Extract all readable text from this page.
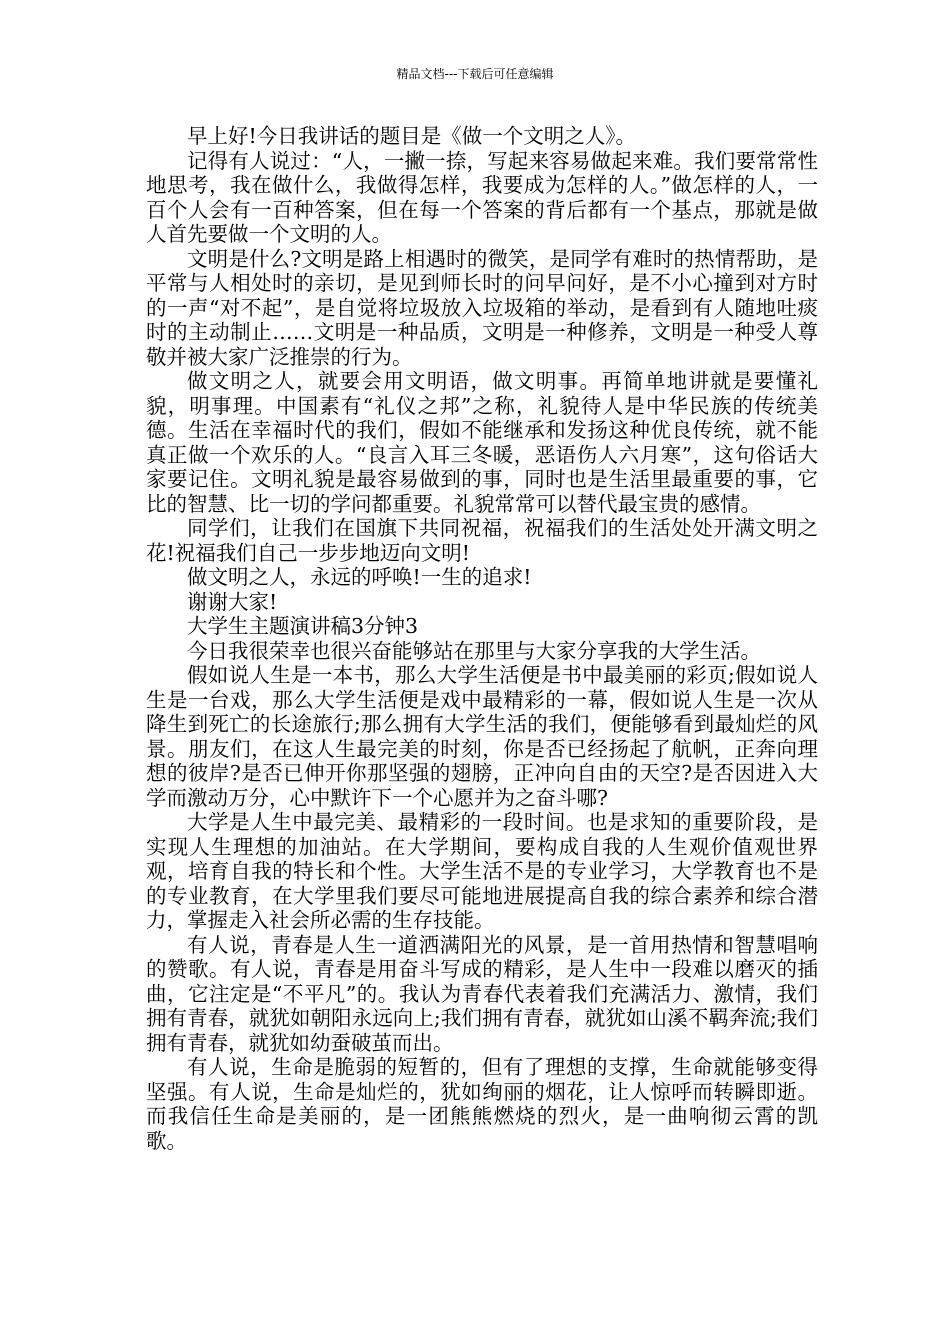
精品文档---下载后可任意编辑

早上好!今日我讲话的题目是《做一个文明之人》。

记得有人说过：“人，一撇一捺，写起来容易做起来难。我们要常常性地思考，我在做什么，我做得怎样，我要成为怎样的人。”做怎样的人，一百个人会有一百种答案，但在每一个答案的背后都有一个基点，那就是做人首先要做一个文明的人。

文明是什么?文明是路上相遇时的微笑，是同学有难时的热情帮助，是平常与人相处时的亲切，是见到师长时的问早问好，是不小心撞到对方时的一声“对不起”，是自觉将垃圾放入垃圾箱的举动，是看到有人随地吐痰时的主动制止……文明是一种品质，文明是一种修养，文明是一种受人尊敬并被大家广泛推崇的行为。

做文明之人，就要会用文明语，做文明事。再简单地讲就是要懂礼貌，明事理。中国素有“礼仪之邦”之称，礼貌待人是中华民族的传统美德。生活在幸福时代的我们，假如不能继承和发扬这种优良传统，就不能真正做一个欢乐的人。“良言入耳三冬暖，恶语伤人六月寒”，这句俗话大家要记住。文明礼貌是最容易做到的事，同时也是生活里最重要的事，它比的智慧、比一切的学问都重要。礼貌常常可以替代最宝贵的感情。

同学们，让我们在国旗下共同祝福，祝福我们的生活处处开满文明之花!祝福我们自己一步步地迈向文明!

做文明之人，永远的呼唤!一生的追求!

谢谢大家!

大学生主题演讲稿3分钟3

今日我很荣幸也很兴奋能够站在那里与大家分享我的大学生活。

假如说人生是一本书，那么大学生活便是书中最美丽的彩页;假如说人生是一台戏，那么大学生活便是戏中最精彩的一幕，假如说人生是一次从降生到死亡的长途旅行;那么拥有大学生活的我们，便能够看到最灿烂的风景。朋友们，在这人生最完美的时刻，你是否已经扬起了航帆，正奔向理想的彼岸?是否已伸开你那坚强的翅膀，正冲向自由的天空?是否因进入大学而激动万分，心中默许下一个心愿并为之奋斗哪?

大学是人生中最完美、最精彩的一段时间。也是求知的重要阶段，是实现人生理想的加油站。在大学期间，要构成自我的人生观价值观世界观，培育自我的特长和个性。大学生活不是的专业学习，大学教育也不是的专业教育，在大学里我们要尽可能地进展提高自我的综合素养和综合潜力，掌握走入社会所必需的生存技能。

有人说，青春是人生一道洒满阳光的风景，是一首用热情和智慧唱响的赞歌。有人说，青春是用奋斗写成的精彩，是人生中一段难以磨灭的插曲，它注定是“不平凡”的。我认为青春代表着我们充满活力、激情，我们拥有青春，就犹如朝阳永远向上;我们拥有青春，就犹如山溪不羁奔流;我们拥有青春，就犹如幼蚕破茧而出。

有人说，生命是脆弱的短暂的，但有了理想的支撑，生命就能够变得坚强。有人说，生命是灿烂的，犹如绚丽的烟花，让人惊呼而转瞬即逝。而我信任生命是美丽的，是一团熊熊燃烧的烈火，是一曲响彻云霄的凯歌。
